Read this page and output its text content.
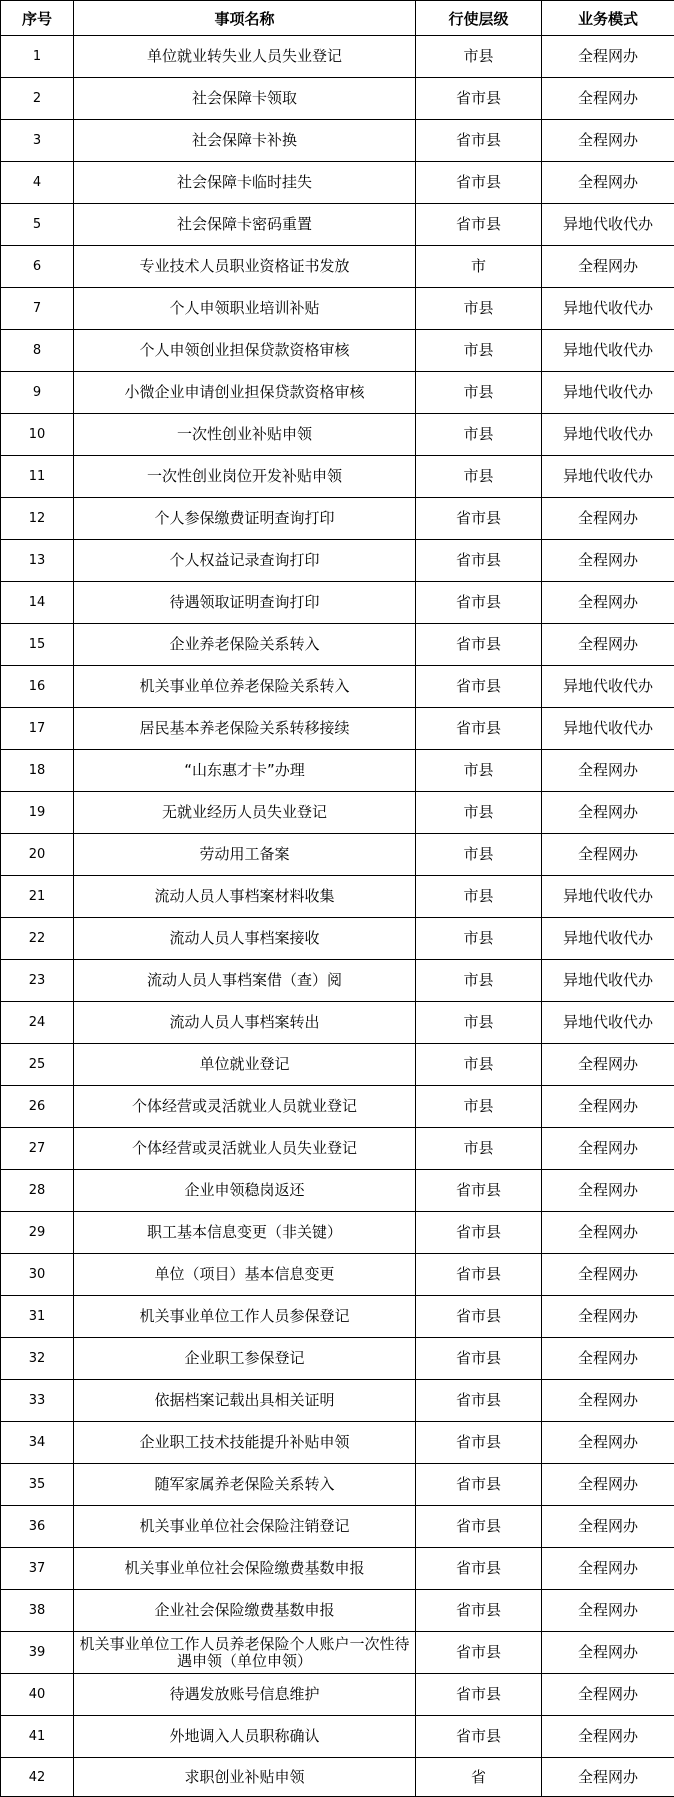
序号	事项名称	行使层级	业务模式
1	单位就业转失业人员失业登记	市县	全程网办
2	社会保障卡领取	省市县	全程网办
3	社会保障卡补换	省市县	全程网办
4	社会保障卡临时挂失	省市县	全程网办
5	社会保障卡密码重置	省市县	异地代收代办
6	专业技术人员职业资格证书发放	市	全程网办
7	个人申领职业培训补贴	市县	异地代收代办
8	个人申领创业担保贷款资格审核	市县	异地代收代办
9	小微企业申请创业担保贷款资格审核	市县	异地代收代办
10	一次性创业补贴申领	市县	异地代收代办
11	一次性创业岗位开发补贴申领	市县	异地代收代办
12	个人参保缴费证明查询打印	省市县	全程网办
13	个人权益记录查询打印	省市县	全程网办
14	待遇领取证明查询打印	省市县	全程网办
15	企业养老保险关系转入	省市县	全程网办
16	机关事业单位养老保险关系转入	省市县	异地代收代办
17	居民基本养老保险关系转移接续	省市县	异地代收代办
18	“山东惠才卡”办理	市县	全程网办
19	无就业经历人员失业登记	市县	全程网办
20	劳动用工备案	市县	全程网办
21	流动人员人事档案材料收集	市县	异地代收代办
22	流动人员人事档案接收	市县	异地代收代办
23	流动人员人事档案借（查）阅	市县	异地代收代办
24	流动人员人事档案转出	市县	异地代收代办
25	单位就业登记	市县	全程网办
26	个体经营或灵活就业人员就业登记	市县	全程网办
27	个体经营或灵活就业人员失业登记	市县	全程网办
28	企业申领稳岗返还	省市县	全程网办
29	职工基本信息变更（非关键）	省市县	全程网办
30	单位（项目）基本信息变更	省市县	全程网办
31	机关事业单位工作人员参保登记	省市县	全程网办
32	企业职工参保登记	省市县	全程网办
33	依据档案记载出具相关证明	省市县	全程网办
34	企业职工技术技能提升补贴申领	省市县	全程网办
35	随军家属养老保险关系转入	省市县	全程网办
36	机关事业单位社会保险注销登记	省市县	全程网办
37	机关事业单位社会保险缴费基数申报	省市县	全程网办
38	企业社会保险缴费基数申报	省市县	全程网办
39	机关事业单位工作人员养老保险个人账户一次性待遇申领（单位申领）	省市县	全程网办
40	待遇发放账号信息维护	省市县	全程网办
41	外地调入人员职称确认	省市县	全程网办
42	求职创业补贴申领	省	全程网办
